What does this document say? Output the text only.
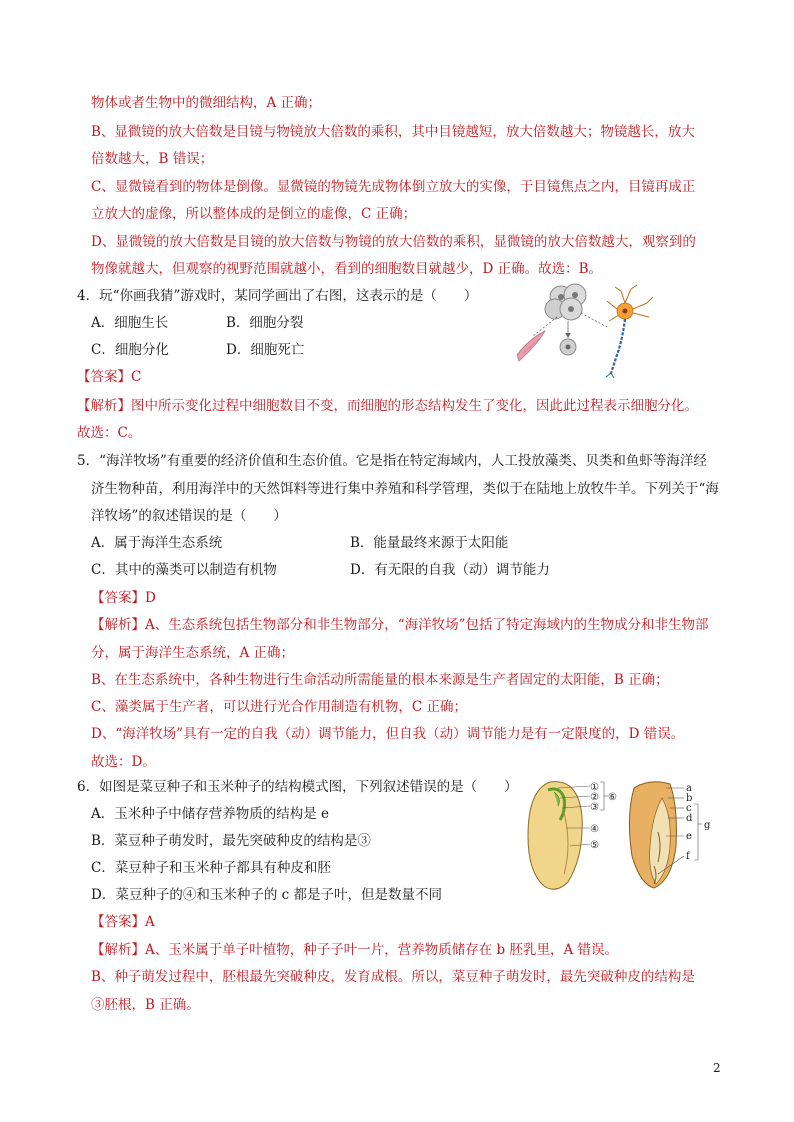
物体或者生物中的微细结构，A 正确；
B、显微镜的放大倍数是目镜与物镜放大倍数的乘积，其中目镜越短，放大倍数越大；物镜越长，放大
倍数越大，B 错误；
C、显微镜看到的物体是倒像。显微镜的物镜先成物体倒立放大的实像，于目镜焦点之内，目镜再成正
立放大的虚像，所以整体成的是倒立的虚像，C 正确；
D、显微镜的放大倍数是目镜的放大倍数与物镜的放大倍数的乘积，显微镜的放大倍数越大，观察到的
物像就越大，但观察的视野范围就越小，看到的细胞数目就越少，D 正确。故选：B。
4．玩“你画我猜”游戏时，某同学画出了右图，这表示的是（　　）
A．细胞生长	B．细胞分裂
C．细胞分化	D．细胞死亡
【答案】C
【解析】图中所示变化过程中细胞数目不变，而细胞的形态结构发生了变化，因此此过程表示细胞分化。
故选：C。
5．“海洋牧场”有重要的经济价值和生态价值。它是指在特定海域内，人工投放藻类、贝类和鱼虾等海洋经
济生物种苗，利用海洋中的天然饵料等进行集中养殖和科学管理，类似于在陆地上放牧牛羊。下列关于“海
洋牧场”的叙述错误的是（　　）
A．属于海洋生态系统	B．能量最终来源于太阳能
C．其中的藻类可以制造有机物	D．有无限的自我（动）调节能力
【答案】D
【解析】A、生态系统包括生物部分和非生物部分，“海洋牧场”包括了特定海域内的生物成分和非生物部
分，属于海洋生态系统，A 正确；
B、在生态系统中，各种生物进行生命活动所需能量的根本来源是生产者固定的太阳能，B 正确；
C、藻类属于生产者，可以进行光合作用制造有机物，C 正确；
D、“海洋牧场”具有一定的自我（动）调节能力，但自我（动）调节能力是有一定限度的，D 错误。
故选：D。
6．如图是菜豆种子和玉米种子的结构模式图，下列叙述错误的是（　　）
A．玉米种子中储存营养物质的结构是 e
B．菜豆种子萌发时，最先突破种皮的结构是③
C．菜豆种子和玉米种子都具有种皮和胚
D．菜豆种子的④和玉米种子的 c 都是子叶，但是数量不同
①
②
③
④
⑤
⑥
a
b
c
d
e
f
g
【答案】A
【解析】A、玉米属于单子叶植物，种子子叶一片，营养物质储存在 b 胚乳里，A 错误。
B、种子萌发过程中，胚根最先突破种皮，发育成根。所以，菜豆种子萌发时，最先突破种皮的结构是
③胚根，B 正确。
2
